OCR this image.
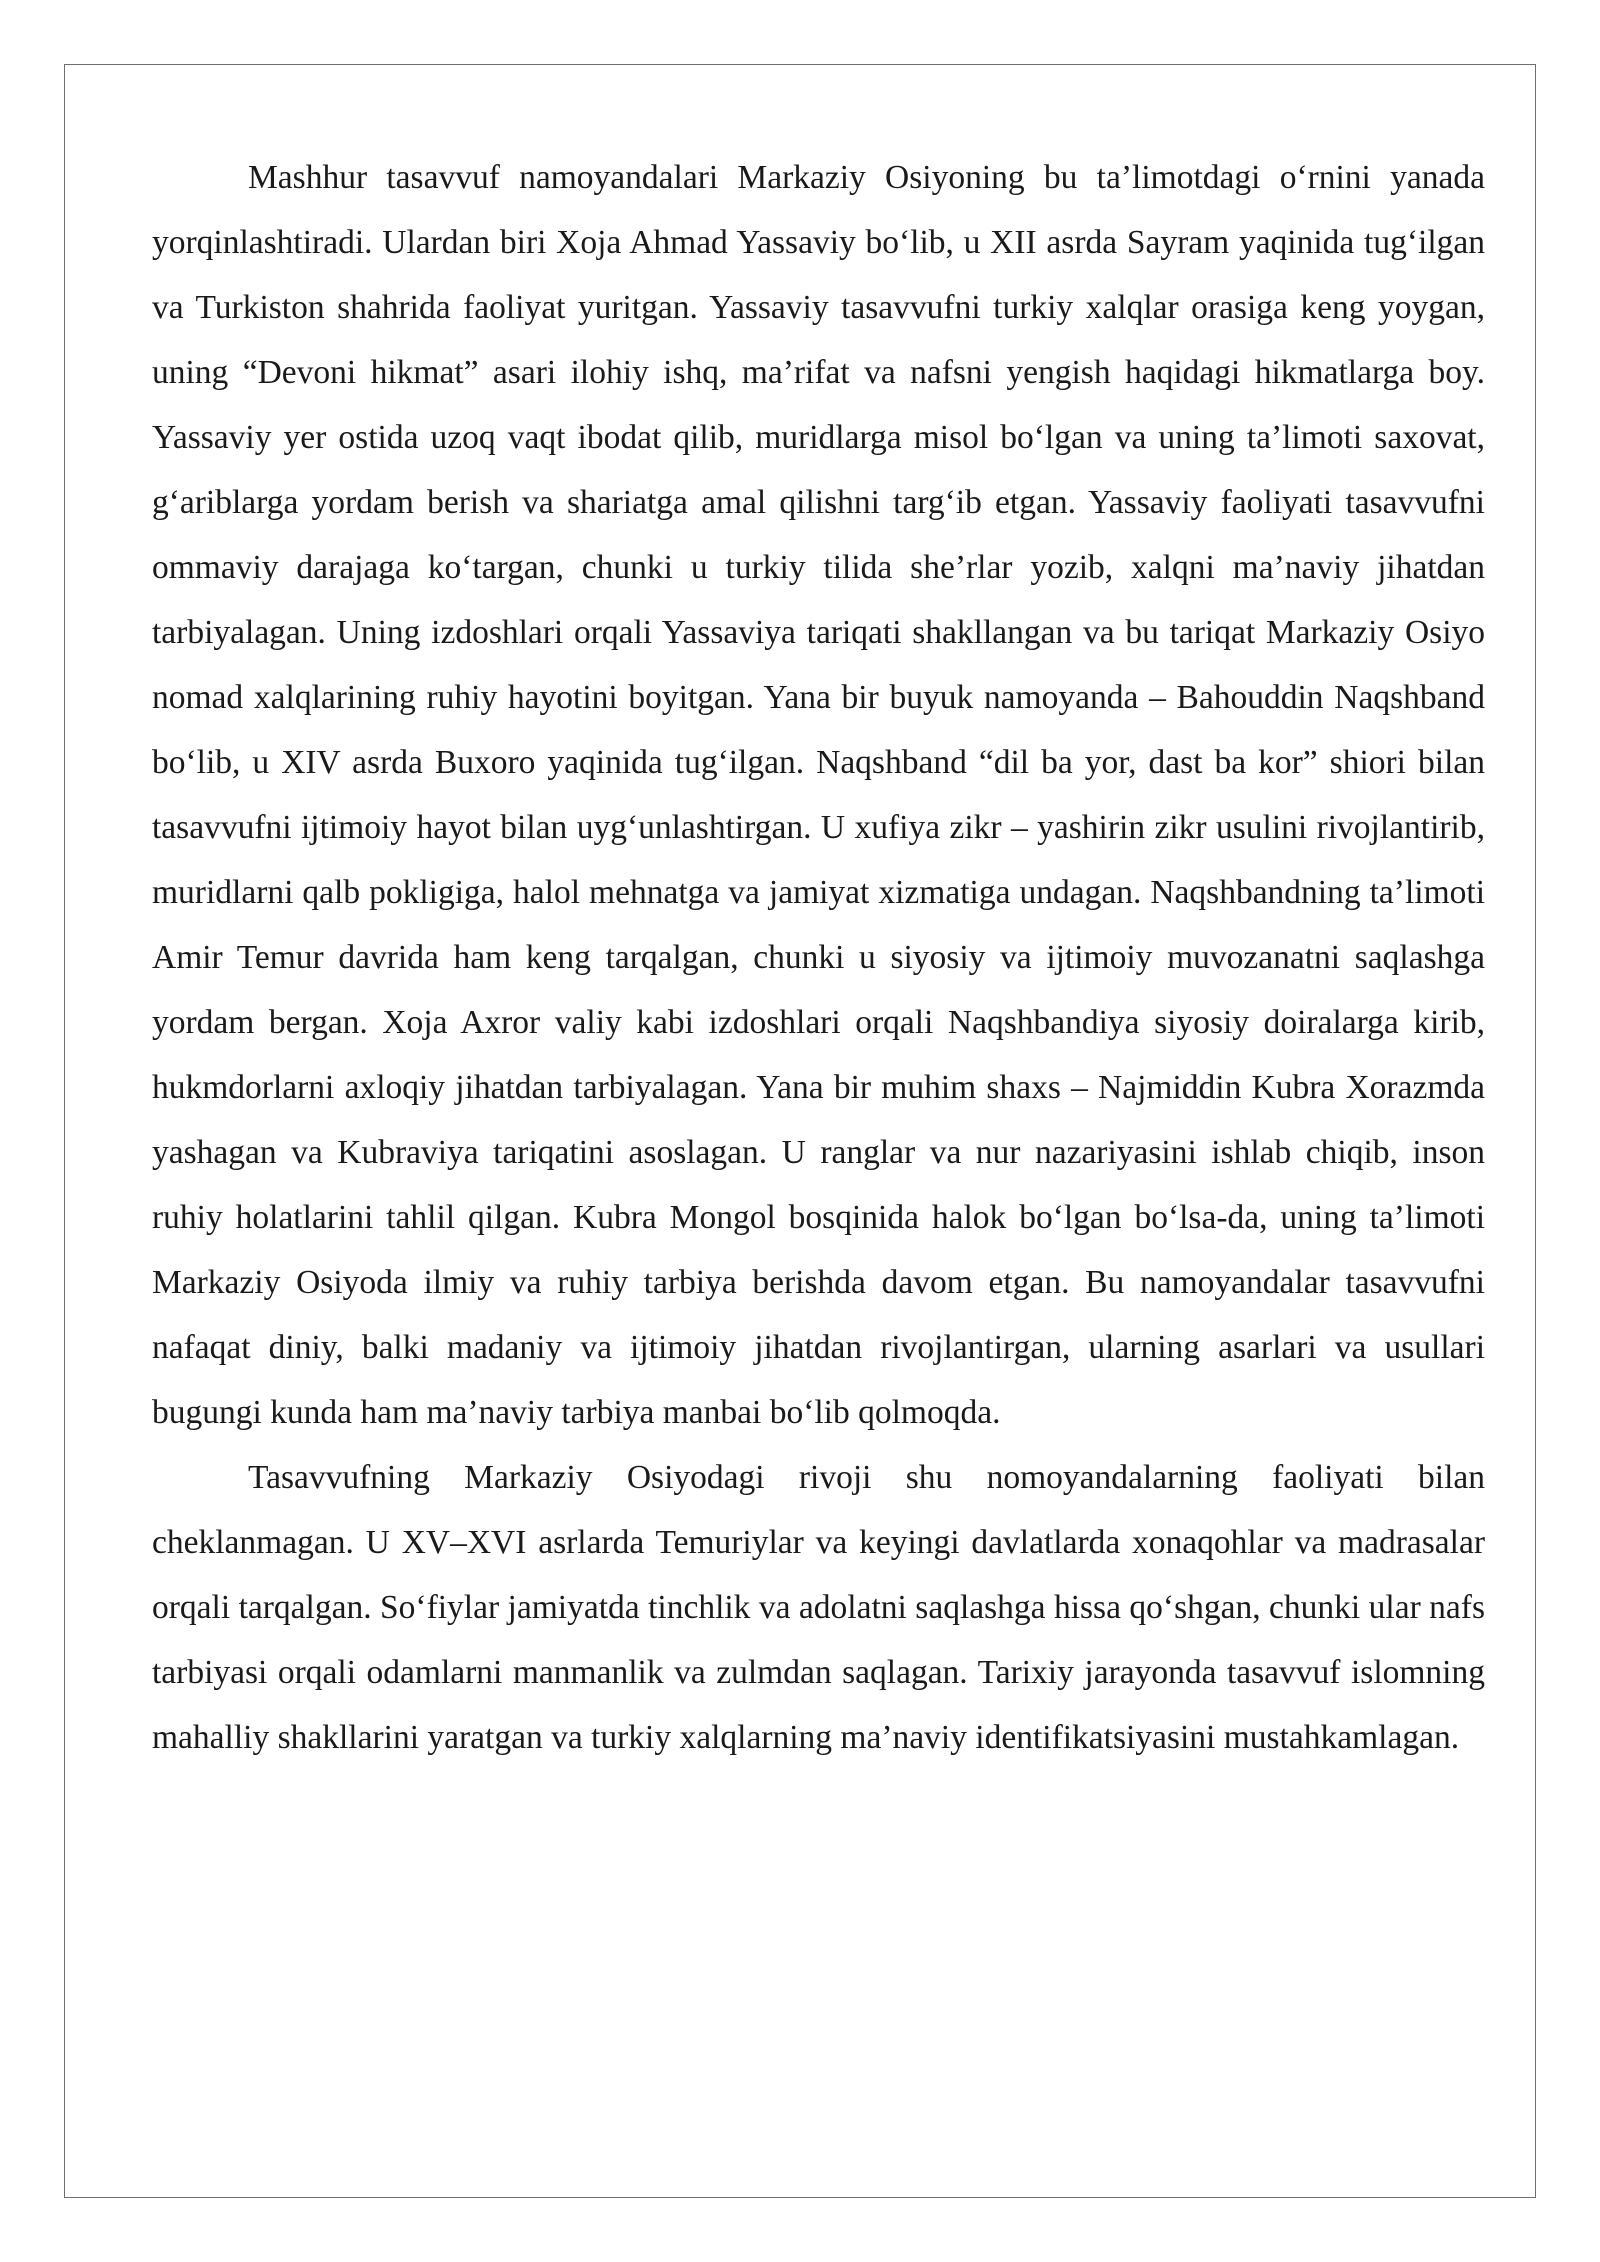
Mashhur tasavvuf namoyandalari Markaziy Osiyoning bu ta’limotdagi o‘rnini yanada yorqinlashtiradi. Ulardan biri Xoja Ahmad Yassaviy bo‘lib, u XII asrda Sayram yaqinida tug‘ilgan va Turkiston shahrida faoliyat yuritgan. Yassaviy tasavvufni turkiy xalqlar orasiga keng yoygan, uning “Devoni hikmat” asari ilohiy ishq, ma’rifat va nafsni yengish haqidagi hikmatlarga boy. Yassaviy yer ostida uzoq vaqt ibodat qilib, muridlarga misol bo‘lgan va uning ta’limoti saxovat, g‘ariblarga yordam berish va shariatga amal qilishni targ‘ib etgan. Yassaviy faoliyati tasavvufni ommaviy darajaga ko‘targan, chunki u turkiy tilida she’rlar yozib, xalqni ma’naviy jihatdan tarbiyalagan. Uning izdoshlari orqali Yassaviya tariqati shakllangan va bu tariqat Markaziy Osiyo nomad xalqlarining ruhiy hayotini boyitgan. Yana bir buyuk namoyanda – Bahouddin Naqshband bo‘lib, u XIV asrda Buxoro yaqinida tug‘ilgan. Naqshband “dil ba yor, dast ba kor” shiori bilan tasavvufni ijtimoiy hayot bilan uyg‘unlashtirgan. U xufiya zikr – yashirin zikr usulini rivojlantirib, muridlarni qalb pokligiga, halol mehnatga va jamiyat xizmatiga undagan. Naqshbandning ta’limoti Amir Temur davrida ham keng tarqalgan, chunki u siyosiy va ijtimoiy muvozanatni saqlashga yordam bergan. Xoja Axror valiy kabi izdoshlari orqali Naqshbandiya siyosiy doiralarga kirib, hukmdorlarni axloqiy jihatdan tarbiyalagan. Yana bir muhim shaxs – Najmiddin Kubra Xorazmda yashagan va Kubraviya tariqatini asoslagan. U ranglar va nur nazariyasini ishlab chiqib, inson ruhiy holatlarini tahlil qilgan. Kubra Mongol bosqinida halok bo‘lgan bo‘lsa-da, uning ta’limoti Markaziy Osiyoda ilmiy va ruhiy tarbiya berishda davom etgan. Bu namoyandalar tasavvufni nafaqat diniy, balki madaniy va ijtimoiy jihatdan rivojlantirgan, ularning asarlari va usullari bugungi kunda ham ma’naviy tarbiya manbai bo‘lib qolmoqda.

Tasavvufning Markaziy Osiyodagi rivoji shu nomoyandalarning faoliyati bilan cheklanmagan. U XV–XVI asrlarda Temuriylar va keyingi davlatlarda xonaqohlar va madrasalar orqali tarqalgan. So‘fiylar jamiyatda tinchlik va adolatni saqlashga hissa qo‘shgan, chunki ular nafs tarbiyasi orqali odamlarni manmanlik va zulmdan saqlagan. Tarixiy jarayonda tasavvuf islomning mahalliy shakllarini yaratgan va turkiy xalqlarning ma’naviy identifikatsiyasini mustahkamlagan.
